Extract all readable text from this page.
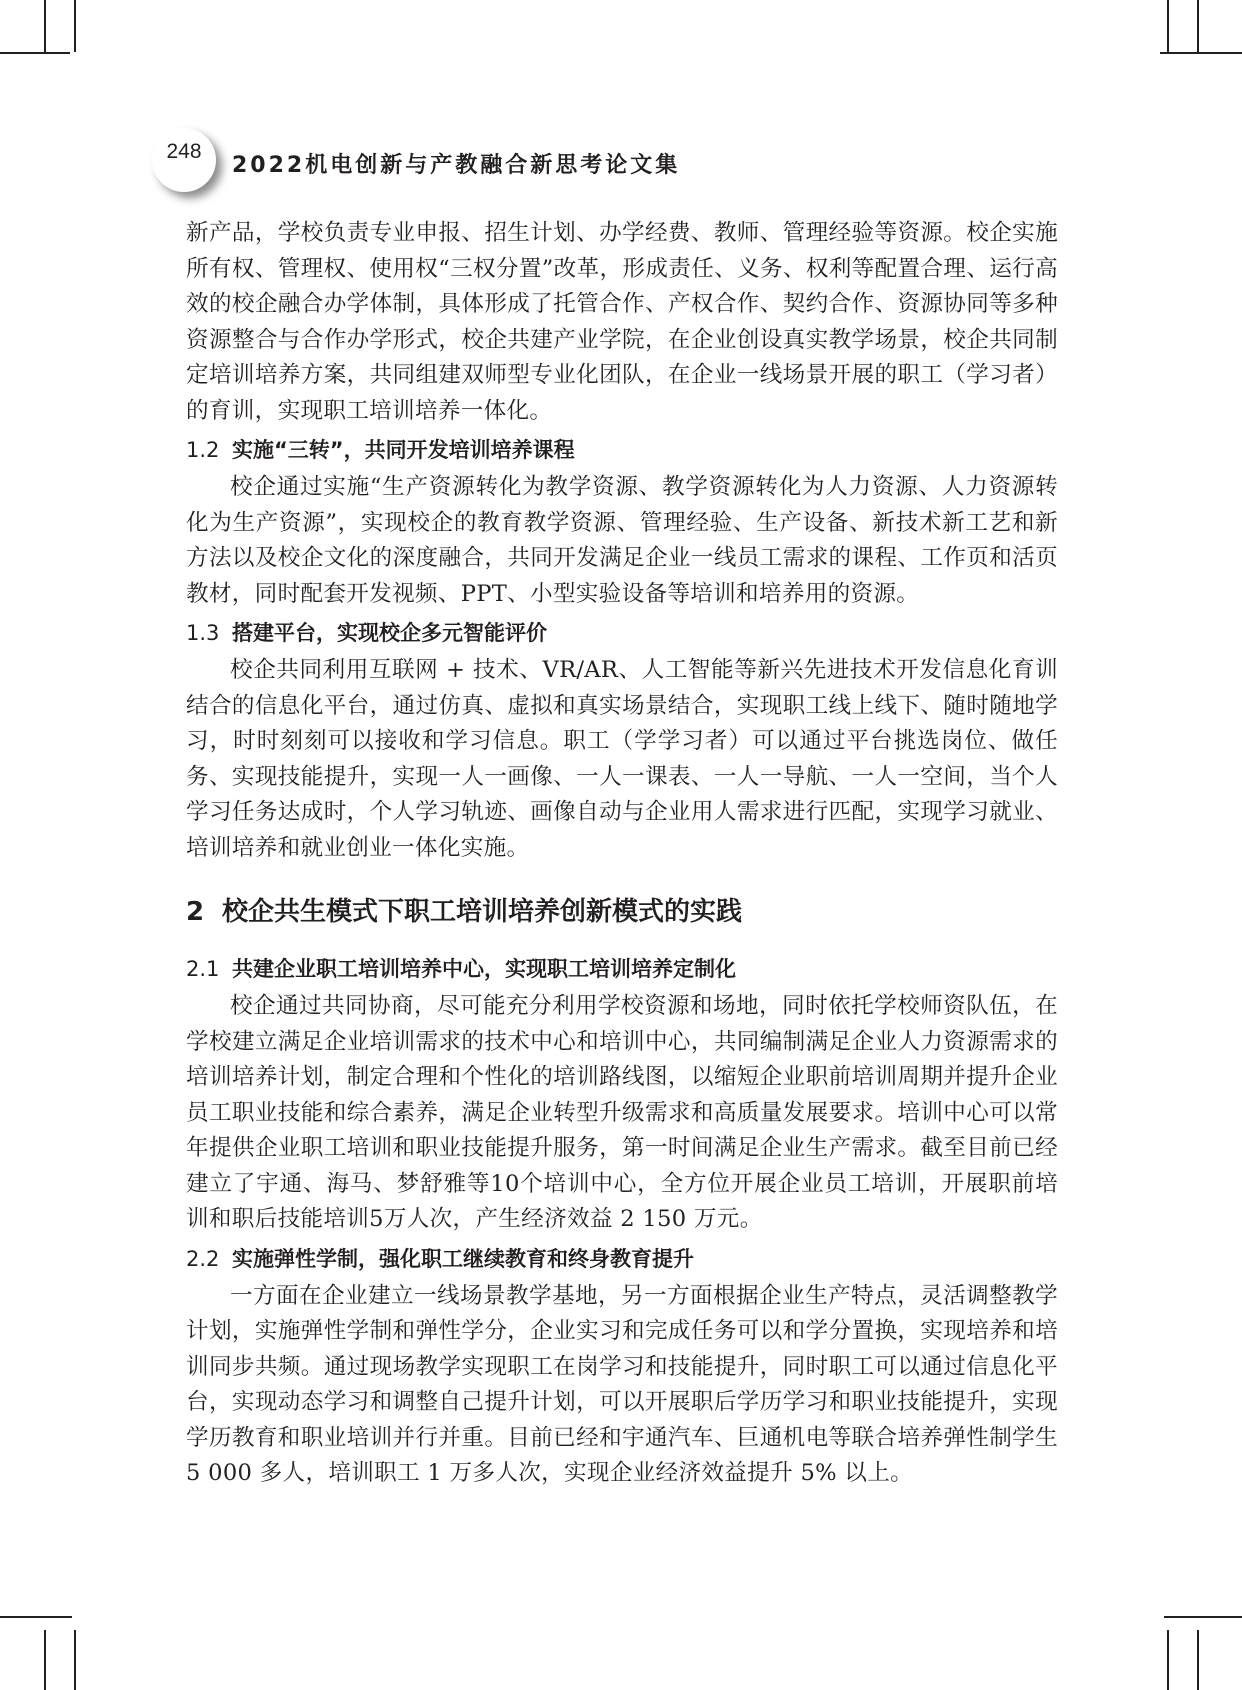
248
2022机电创新与产教融合新思考论文集

新产品，学校负责专业申报、招生计划、办学经费、教师、管理经验等资源。校企实施所有权、管理权、使用权“三权分置”改革，形成责任、义务、权利等配置合理、运行高效的校企融合办学体制，具体形成了托管合作、产权合作、契约合作、资源协同等多种资源整合与合作办学形式，校企共建产业学院，在企业创设真实教学场景，校企共同制定培训培养方案，共同组建双师型专业化团队，在企业一线场景开展的职工（学习者）的育训，实现职工培训培养一体化。

1.2 实施“三转”，共同开发培训培养课程

校企通过实施“生产资源转化为教学资源、教学资源转化为人力资源、人力资源转化为生产资源”，实现校企的教育教学资源、管理经验、生产设备、新技术新工艺和新方法以及校企文化的深度融合，共同开发满足企业一线员工需求的课程、工作页和活页教材，同时配套开发视频、PPT、小型实验设备等培训和培养用的资源。

1.3 搭建平台，实现校企多元智能评价

校企共同利用互联网 + 技术、VR/AR、人工智能等新兴先进技术开发信息化育训结合的信息化平台，通过仿真、虚拟和真实场景结合，实现职工线上线下、随时随地学习，时时刻刻可以接收和学习信息。职工（学学习者）可以通过平台挑选岗位、做任务、实现技能提升，实现一人一画像、一人一课表、一人一导航、一人一空间，当个人学习任务达成时，个人学习轨迹、画像自动与企业用人需求进行匹配，实现学习就业、培训培养和就业创业一体化实施。

2 校企共生模式下职工培训培养创新模式的实践
2.1 共建企业职工培训培养中心，实现职工培训培养定制化

校企通过共同协商，尽可能充分利用学校资源和场地，同时依托学校师资队伍，在学校建立满足企业培训需求的技术中心和培训中心，共同编制满足企业人力资源需求的培训培养计划，制定合理和个性化的培训路线图，以缩短企业职前培训周期并提升企业员工职业技能和综合素养，满足企业转型升级需求和高质量发展要求。培训中心可以常年提供企业职工培训和职业技能提升服务，第一时间满足企业生产需求。截至目前已经建立了宇通、海马、梦舒雅等10个培训中心，全方位开展企业员工培训，开展职前培训和职后技能培训5万人次，产生经济效益 2 150 万元。

2.2 实施弹性学制，强化职工继续教育和终身教育提升

一方面在企业建立一线场景教学基地，另一方面根据企业生产特点，灵活调整教学计划，实施弹性学制和弹性学分，企业实习和完成任务可以和学分置换，实现培养和培训同步共频。通过现场教学实现职工在岗学习和技能提升，同时职工可以通过信息化平台，实现动态学习和调整自己提升计划，可以开展职后学历学习和职业技能提升，实现学历教育和职业培训并行并重。目前已经和宇通汽车、巨通机电等联合培养弹性制学生 5 000 多人，培训职工 1 万多人次，实现企业经济效益提升 5% 以上。
